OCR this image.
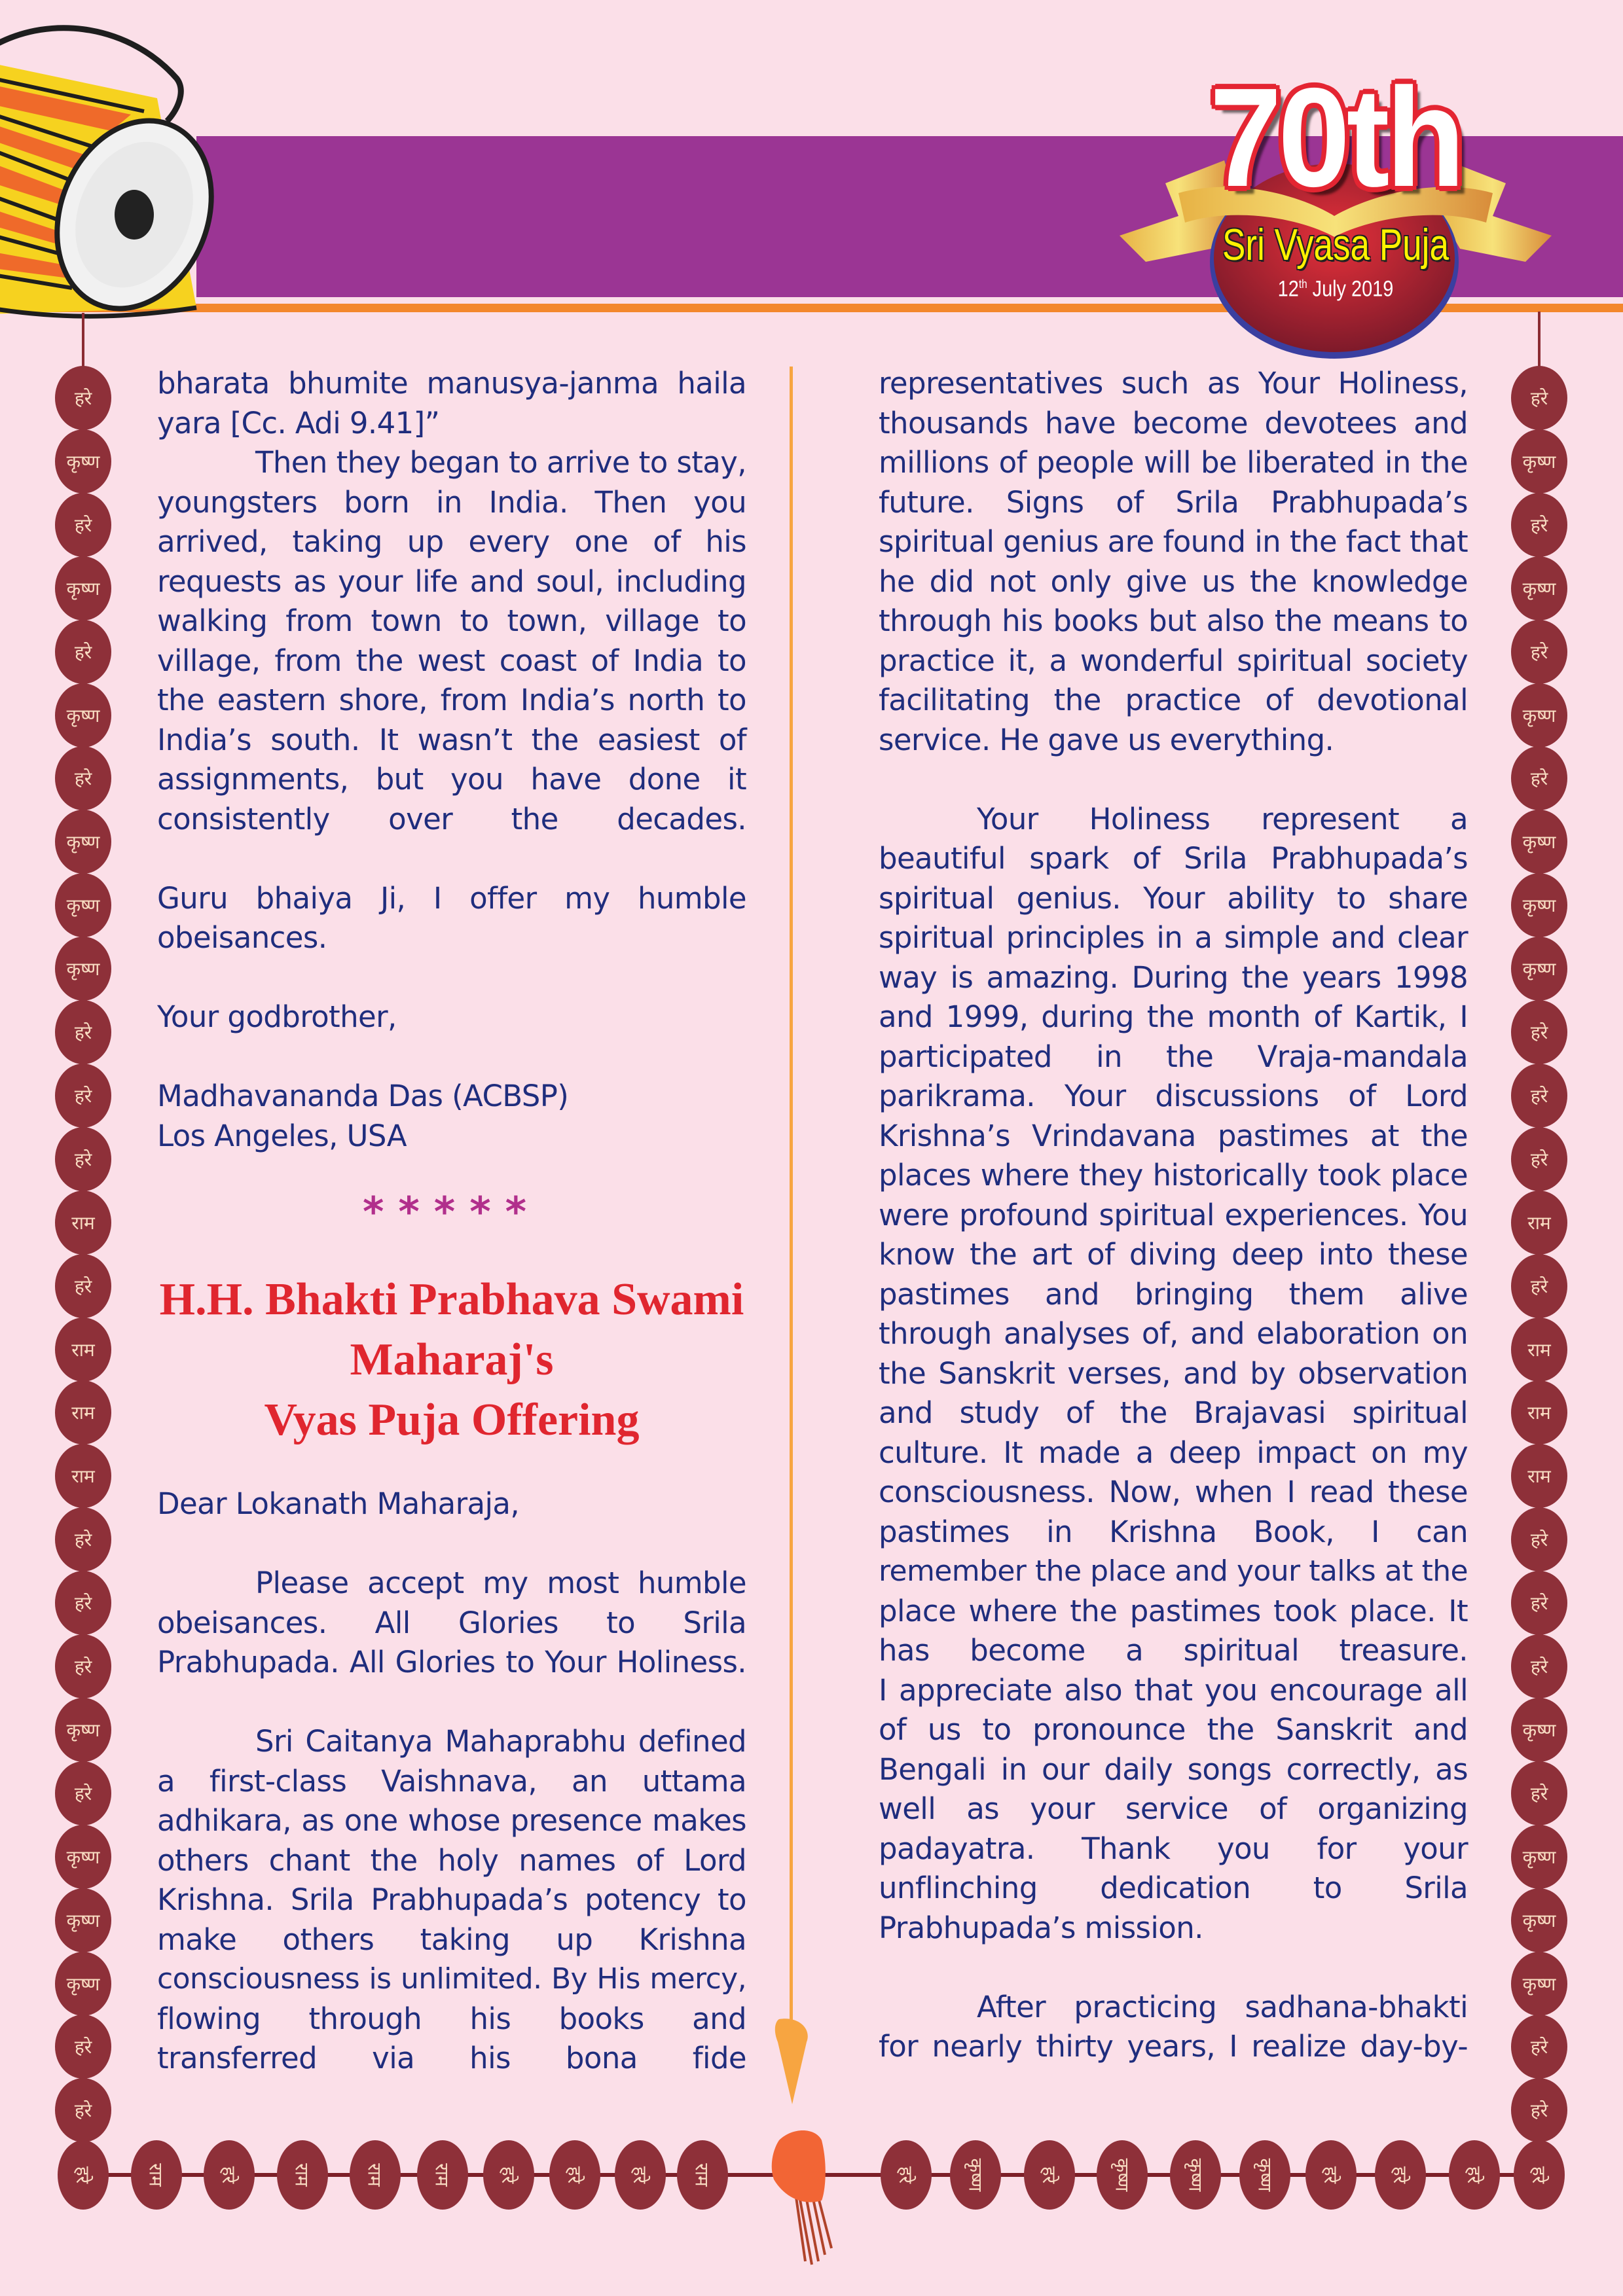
70th
Sri Vyasa Puja
12th July 2019
हरे
कृष्ण
हरे
कृष्ण
हरे
कृष्ण
हरे
कृष्ण
कृष्ण
कृष्ण
हरे
हरे
हरे
राम
हरे
राम
राम
राम
हरे
हरे
हरे
कृष्ण
हरे
कृष्ण
कृष्ण
कृष्ण
हरे
हरे
हरे
कृष्ण
हरे
कृष्ण
हरे
कृष्ण
हरे
कृष्ण
कृष्ण
कृष्ण
हरे
हरे
हरे
राम
हरे
राम
राम
राम
हरे
हरे
हरे
कृष्ण
हरे
कृष्ण
कृष्ण
कृष्ण
हरे
हरे
हरे	राम	हरे	राम	राम	राम हरे हरे हरे राम	हरे	कृष्ण	हरे	कृष्ण	कृष्ण	कृष्ण हरे	हरे	हरे हरे
bharata bhumite manusya-janma haila
yara [Cc. Adi 9.41]”
Then they began to arrive to stay,
youngsters born in India. Then you
arrived, taking up every one of his
requests as your life and soul, including
walking from town to town, village to
village, from the west coast of India to
the eastern shore, from India’s north to
India’s south. It wasn’t the easiest of
assignments, but you have done it
consistently over the decades.
Guru bhaiya Ji, I offer my humble
obeisances.
Your godbrother,
Madhavananda Das (ACBSP)
Los Angeles, USA
*****
H.H. Bhakti Prabhava Swami
Maharaj's
Vyas Puja Offering
Dear Lokanath Maharaja,
Please accept my most humble
obeisances. All Glories to Srila
Prabhupada. All Glories to Your Holiness.
Sri Caitanya Mahaprabhu defined
a first-class Vaishnava, an uttama
adhikara, as one whose presence makes
others chant the holy names of Lord
Krishna. Srila Prabhupada’s potency to
make others taking up Krishna
consciousness is unlimited. By His mercy,
flowing through his books and
transferred via his bona fide
representatives such as Your Holiness,
thousands have become devotees and
millions of people will be liberated in the
future. Signs of Srila Prabhupada’s
spiritual genius are found in the fact that
he did not only give us the knowledge
through his books but also the means to
practice it, a wonderful spiritual society
facilitating the practice of devotional
service. He gave us everything.
Your Holiness represent a
beautiful spark of Srila Prabhupada’s
spiritual genius. Your ability to share
spiritual principles in a simple and clear
way is amazing. During the years 1998
and 1999, during the month of Kartik, I
participated in the Vraja-mandala
parikrama. Your discussions of Lord
Krishna’s Vrindavana pastimes at the
places where they historically took place
were profound spiritual experiences. You
know the art of diving deep into these
pastimes and bringing them alive
through analyses of, and elaboration on
the Sanskrit verses, and by observation
and study of the Brajavasi spiritual
culture. It made a deep impact on my
consciousness. Now, when I read these
pastimes in Krishna Book, I can
remember the place and your talks at the
place where the pastimes took place. It
has become a spiritual treasure.
I appreciate also that you encourage all
of us to pronounce the Sanskrit and
Bengali in our daily songs correctly, as
well as your service of organizing
padayatra. Thank you for your
unflinching dedication to Srila
Prabhupada’s mission.
After practicing sadhana-bhakti
for nearly thirty years, I realize day-by-
